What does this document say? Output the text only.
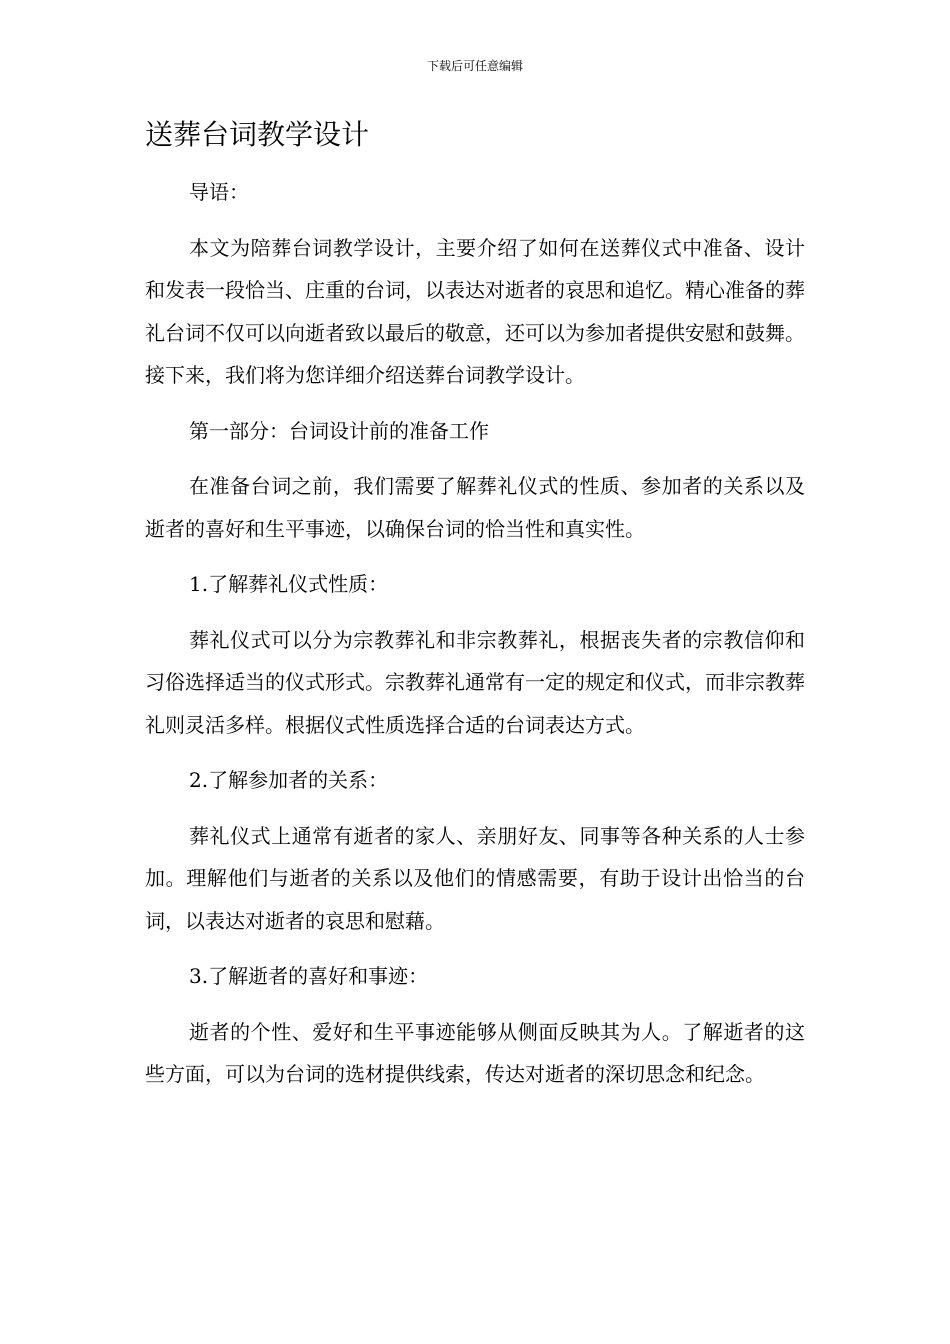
下载后可任意编辑
送葬台词教学设计

导语：

本文为陪葬台词教学设计，主要介绍了如何在送葬仪式中准备、设计和发表一段恰当、庄重的台词，以表达对逝者的哀思和追忆。精心准备的葬礼台词不仅可以向逝者致以最后的敬意，还可以为参加者提供安慰和鼓舞。接下来，我们将为您详细介绍送葬台词教学设计。

第一部分：台词设计前的准备工作

在准备台词之前，我们需要了解葬礼仪式的性质、参加者的关系以及逝者的喜好和生平事迹，以确保台词的恰当性和真实性。

1.了解葬礼仪式性质：

葬礼仪式可以分为宗教葬礼和非宗教葬礼，根据丧失者的宗教信仰和习俗选择适当的仪式形式。宗教葬礼通常有一定的规定和仪式，而非宗教葬礼则灵活多样。根据仪式性质选择合适的台词表达方式。

2.了解参加者的关系：

葬礼仪式上通常有逝者的家人、亲朋好友、同事等各种关系的人士参加。理解他们与逝者的关系以及他们的情感需要，有助于设计出恰当的台词，以表达对逝者的哀思和慰藉。

3.了解逝者的喜好和事迹：

逝者的个性、爱好和生平事迹能够从侧面反映其为人。了解逝者的这些方面，可以为台词的选材提供线索，传达对逝者的深切思念和纪念。
